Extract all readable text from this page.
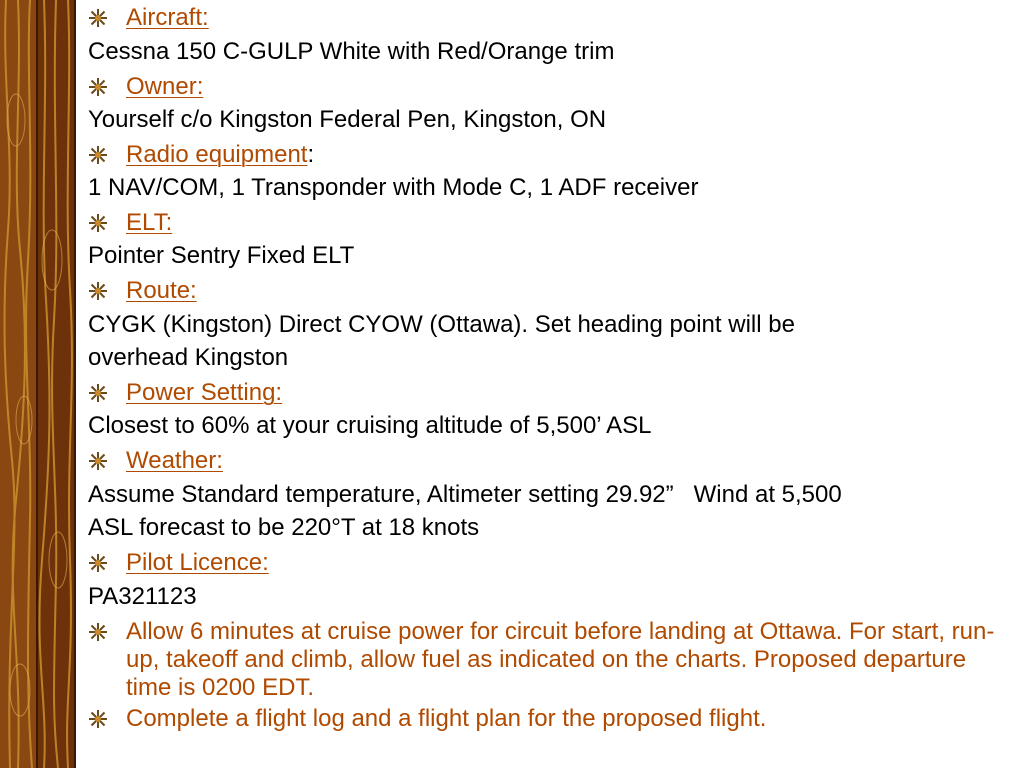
Aircraft:
Cessna 150 C-GULP White with Red/Orange trim
Owner:
Yourself c/o Kingston Federal Pen, Kingston, ON
Radio equipment:
1 NAV/COM, 1 Transponder with Mode C, 1 ADF receiver
ELT:
Pointer Sentry Fixed ELT
Route:
CYGK (Kingston) Direct CYOW (Ottawa). Set heading point will be
overhead Kingston
Power Setting:
Closest to 60% at your cruising altitude of 5,500’ ASL
Weather:
Assume Standard temperature, Altimeter setting 29.92”   Wind at 5,500
ASL forecast to be 220°T at 18 knots
Pilot Licence:
PA321123
Allow 6 minutes at cruise power for circuit before landing at Ottawa. For start, run-up, takeoff and climb, allow fuel as indicated on the charts. Proposed departure time is 0200 EDT.
Complete a flight log and a flight plan for the proposed flight.
